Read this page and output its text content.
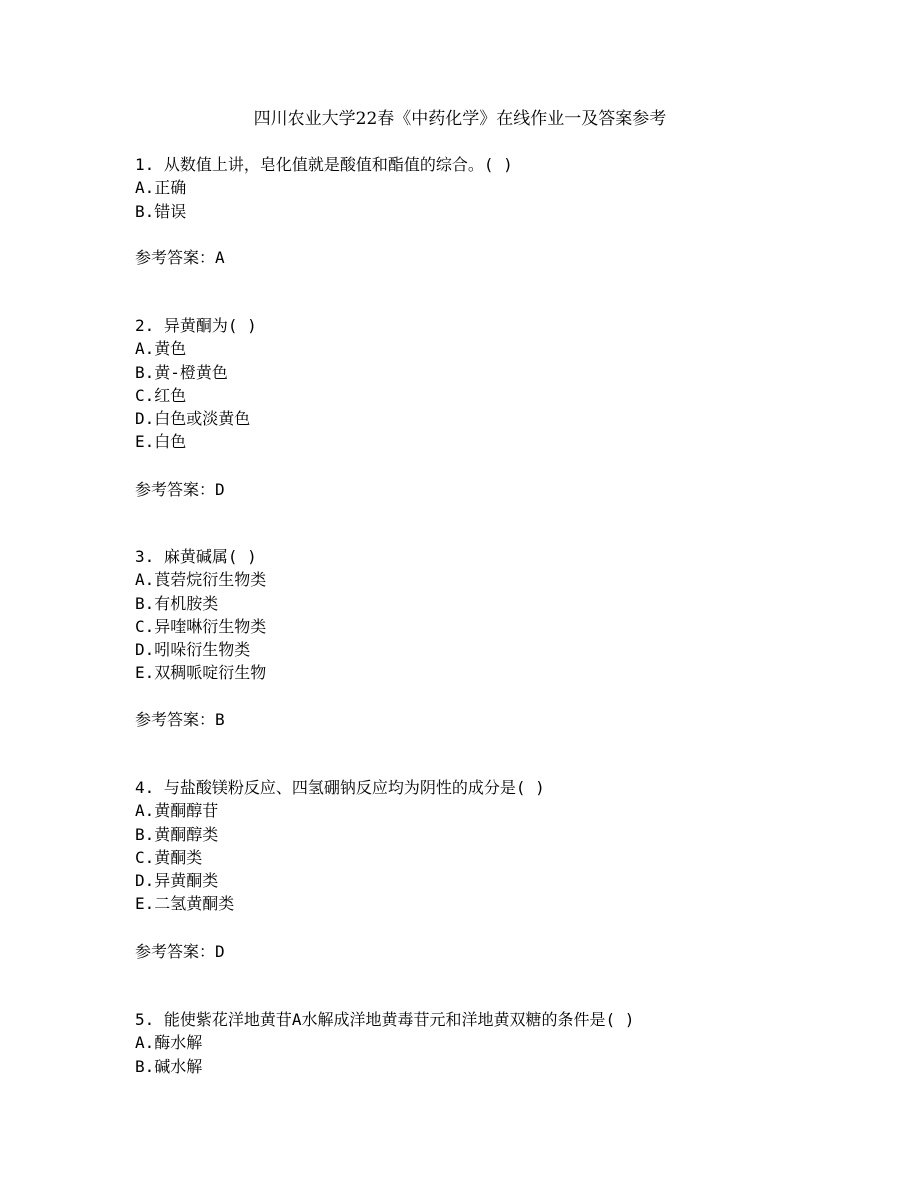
四川农业大学22春《中药化学》在线作业一及答案参考
1. 从数值上讲，皂化值就是酸值和酯值的综合。( )
A.正确
B.错误
参考答案：A
2. 异黄酮为( )
A.黄色
B.黄-橙黄色
C.红色
D.白色或淡黄色
E.白色
参考答案：D
3. 麻黄碱属( )
A.莨菪烷衍生物类
B.有机胺类
C.异喹啉衍生物类
D.吲哚衍生物类
E.双稠哌啶衍生物
参考答案：B
4. 与盐酸镁粉反应、四氢硼钠反应均为阴性的成分是( )
A.黄酮醇苷
B.黄酮醇类
C.黄酮类
D.异黄酮类
E.二氢黄酮类
参考答案：D
5. 能使紫花洋地黄苷A水解成洋地黄毒苷元和洋地黄双糖的条件是( )
A.酶水解
B.碱水解
